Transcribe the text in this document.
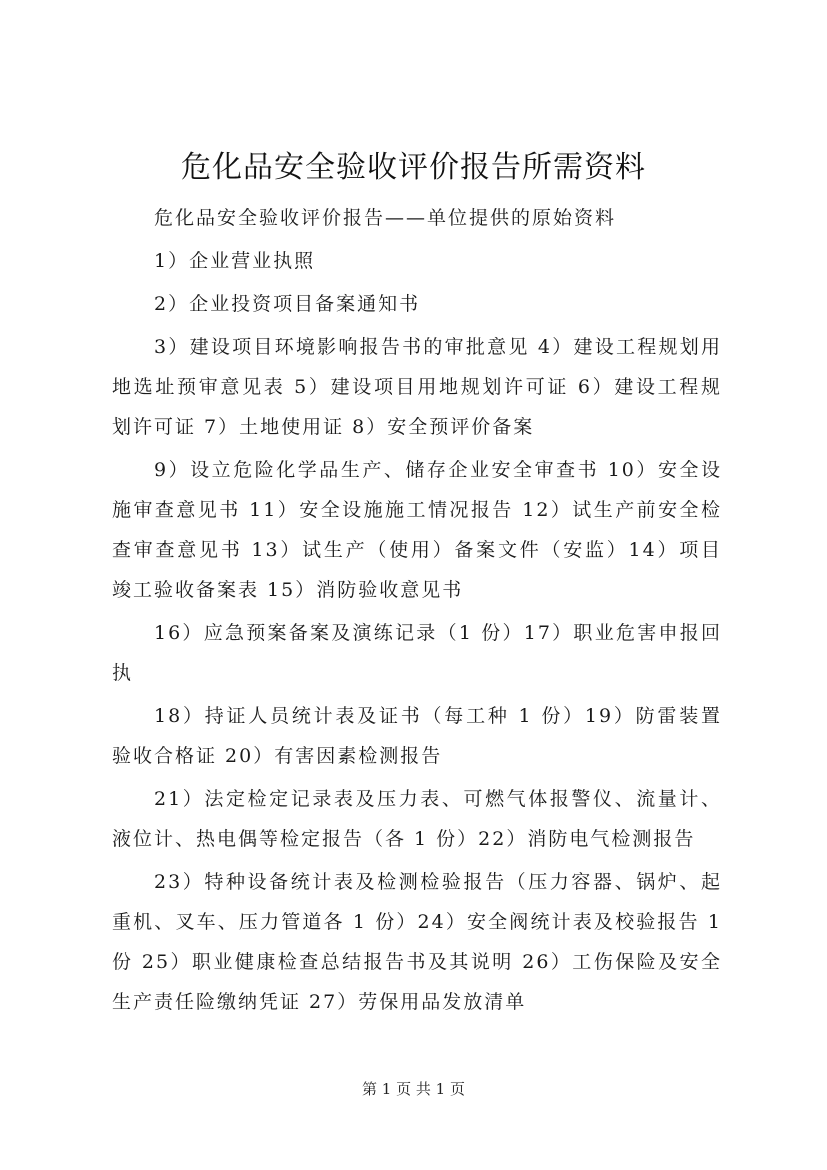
危化品安全验收评价报告所需资料

危化品安全验收评价报告——单位提供的原始资料

1）企业营业执照

2）企业投资项目备案通知书

3）建设项目环境影响报告书的审批意见 4）建设工程规划用地选址预审意见表 5）建设项目用地规划许可证 6）建设工程规划许可证 7）土地使用证 8）安全预评价备案

9）设立危险化学品生产、储存企业安全审查书 10）安全设施审查意见书 11）安全设施施工情况报告 12）试生产前安全检查审查意见书 13）试生产（使用）备案文件（安监）14）项目竣工验收备案表 15）消防验收意见书

16）应急预案备案及演练记录（1 份）17）职业危害申报回执

18）持证人员统计表及证书（每工种 1 份）19）防雷装置验收合格证 20）有害因素检测报告

21）法定检定记录表及压力表、可燃气体报警仪、流量计、液位计、热电偶等检定报告（各 1 份）22）消防电气检测报告

23）特种设备统计表及检测检验报告（压力容器、锅炉、起重机、叉车、压力管道各 1 份）24）安全阀统计表及校验报告 1份 25）职业健康检查总结报告书及其说明 26）工伤保险及安全生产责任险缴纳凭证 27）劳保用品发放清单

第 1 页 共 1 页
